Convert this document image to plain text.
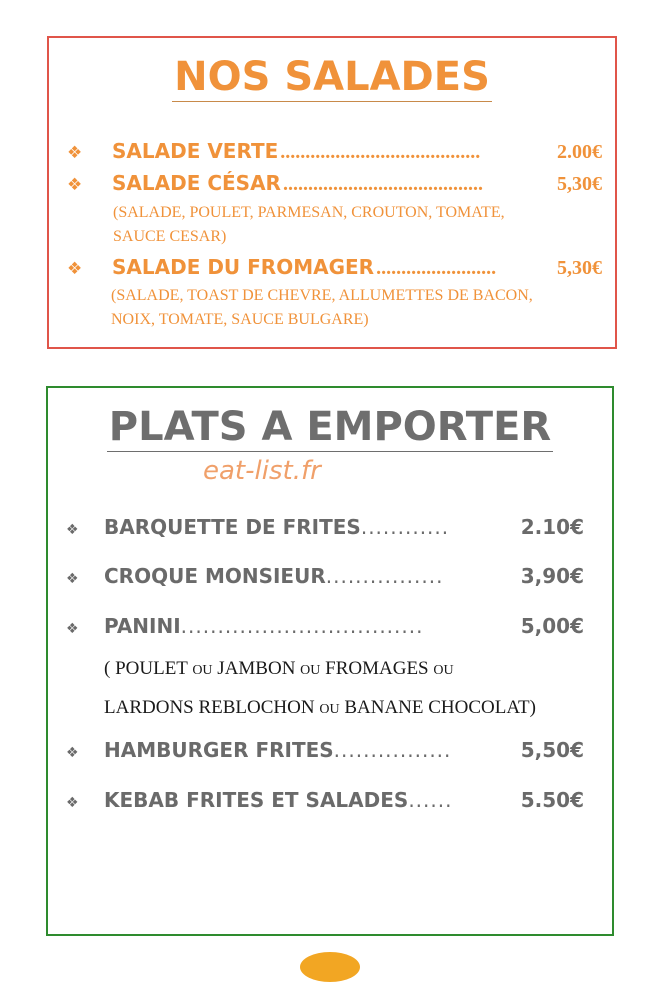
NOS SALADES
❖	SALADE VERTE ........................................	2.00€
❖	SALADE CÉSAR ........................................	5,30€
(SALADE, POULET, PARMESAN, CROUTON, TOMATE,
SAUCE CESAR)
❖	SALADE DU FROMAGER ........................	5,30€
(SALADE, TOAST DE CHEVRE, ALLUMETTES DE BACON,
NOIX, TOMATE, SAUCE BULGARE)
PLATS A EMPORTER
eat-list.fr
❖	BARQUETTE DE FRITES ............	2.10€
❖	CROQUE MONSIEUR ................	3,90€
❖	PANINI .................................	5,00€
( POULET OU JAMBON OU FROMAGES OU
LARDONS REBLOCHON OU BANANE CHOCOLAT)
❖	HAMBURGER FRITES ................	5,50€
❖	KEBAB FRITES ET SALADES ......	5.50€
